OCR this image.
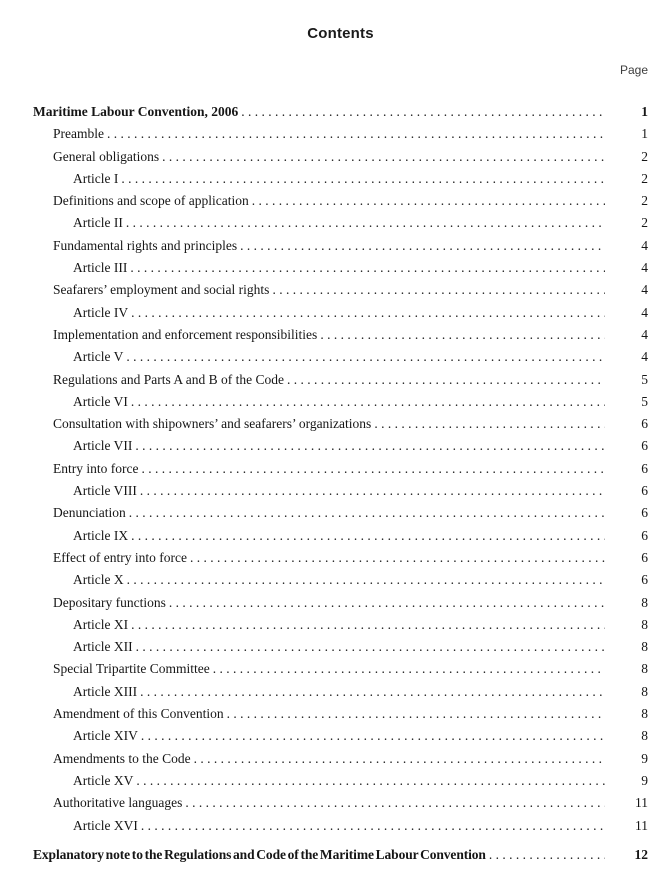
Contents
Page
Maritime Labour Convention, 2006 . . .	1
Preamble . . .	1
General obligations . . .	2
Article I . . .	2
Definitions and scope of application . . .	2
Article II . . .	2
Fundamental rights and principles . . .	4
Article III . . .	4
Seafarers’ employment and social rights . . .	4
Article IV . . .	4
Implementation and enforcement responsibilities . . .	4
Article V . . .	4
Regulations and Parts A and B of the Code . . .	5
Article VI . . .	5
Consultation with shipowners’ and seafarers’ organizations . . .	6
Article VII . . .	6
Entry into force . . .	6
Article VIII . . .	6
Denunciation . . .	6
Article IX . . .	6
Effect of entry into force . . .	6
Article X . . .	6
Depositary functions . . .	8
Article XI . . .	8
Article XII . . .	8
Special Tripartite Committee . . .	8
Article XIII . . .	8
Amendment of this Convention . . .	8
Article XIV . . .	8
Amendments to the Code . . .	9
Article XV . . .	9
Authoritative languages . . .	11
Article XVI . . .	11
Explanatory note to the Regulations and Code of the Maritime Labour Convention . . .	12
